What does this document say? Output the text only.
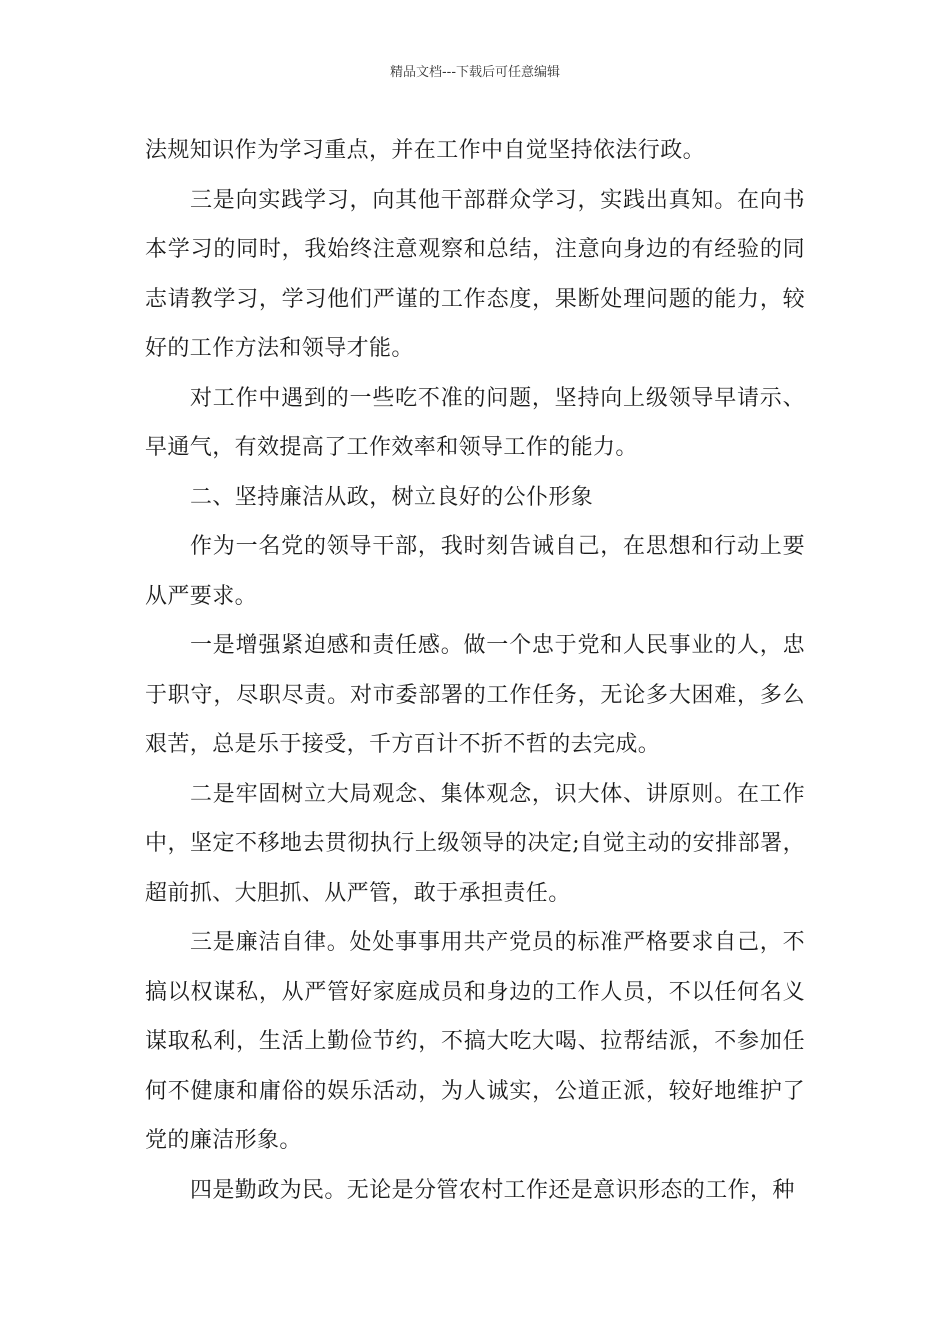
精品文档---下载后可任意编辑

法规知识作为学习重点，并在工作中自觉坚持依法行政。

三是向实践学习，向其他干部群众学习，实践出真知。在向书本学习的同时，我始终注意观察和总结，注意向身边的有经验的同志请教学习，学习他们严谨的工作态度，果断处理问题的能力，较好的工作方法和领导才能。

对工作中遇到的一些吃不准的问题，坚持向上级领导早请示、早通气，有效提高了工作效率和领导工作的能力。

二、坚持廉洁从政，树立良好的公仆形象

作为一名党的领导干部，我时刻告诫自己，在思想和行动上要从严要求。

一是增强紧迫感和责任感。做一个忠于党和人民事业的人，忠于职守，尽职尽责。对市委部署的工作任务，无论多大困难，多么艰苦，总是乐于接受，千方百计不折不哲的去完成。

二是牢固树立大局观念、集体观念，识大体、讲原则。在工作中，坚定不移地去贯彻执行上级领导的决定;自觉主动的安排部署，超前抓、大胆抓、从严管，敢于承担责任。

三是廉洁自律。处处事事用共产党员的标准严格要求自己，不搞以权谋私，从严管好家庭成员和身边的工作人员，不以任何名义谋取私利，生活上勤俭节约，不搞大吃大喝、拉帮结派，不参加任何不健康和庸俗的娱乐活动，为人诚实，公道正派，较好地维护了党的廉洁形象。

四是勤政为民。无论是分管农村工作还是意识形态的工作，种
